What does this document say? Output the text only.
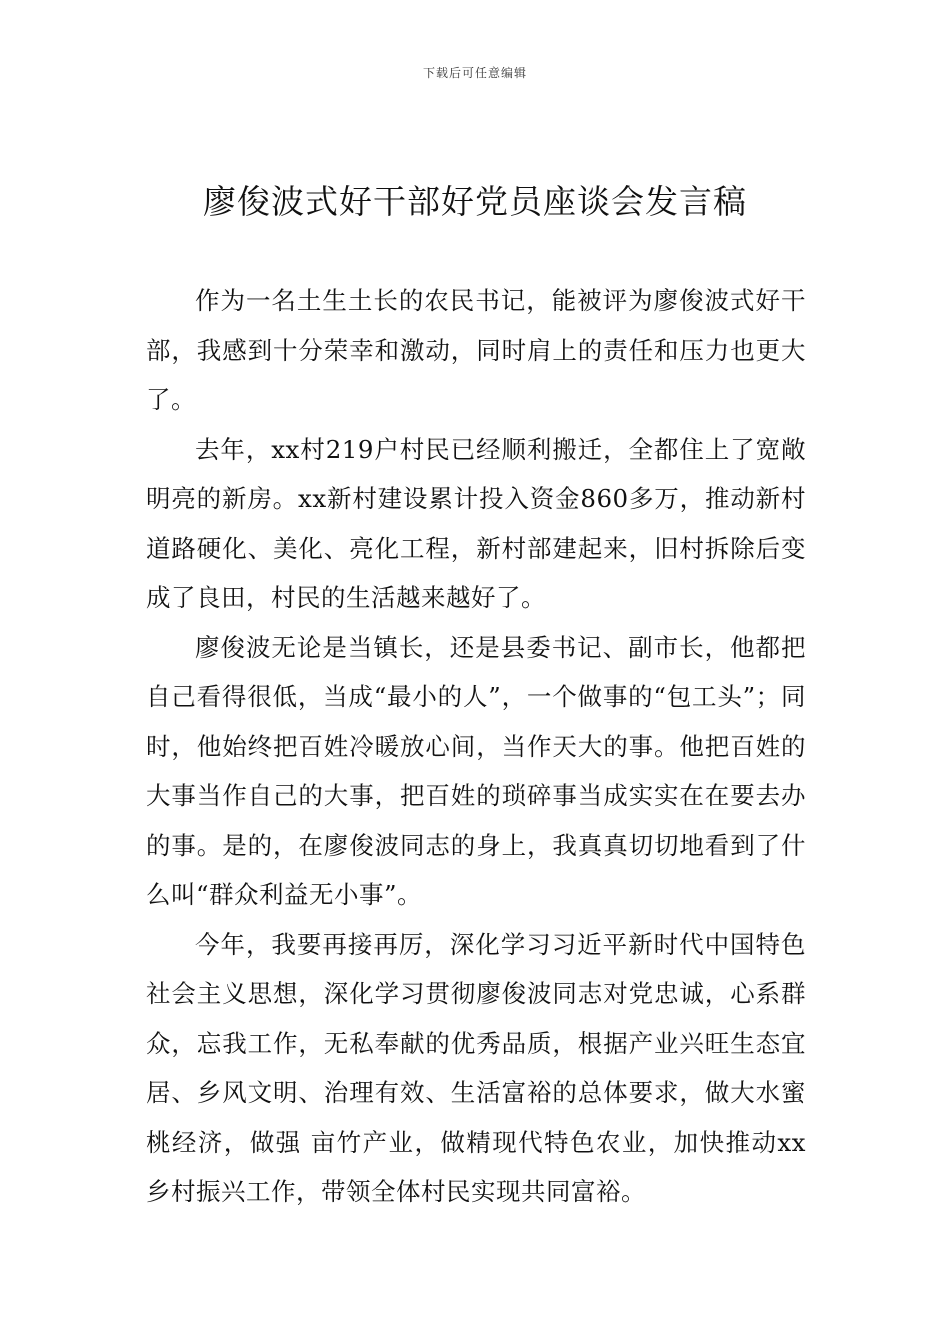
下载后可任意编辑
廖俊波式好干部好党员座谈会发言稿

作为一名土生土长的农民书记，能被评为廖俊波式好干部，我感到十分荣幸和激动，同时肩上的责任和压力也更大了。

去年，xx村219户村民已经顺利搬迁，全都住上了宽敞明亮的新房。xx新村建设累计投入资金860多万，推动新村道路硬化、美化、亮化工程，新村部建起来，旧村拆除后变成了良田，村民的生活越来越好了。

廖俊波无论是当镇长，还是县委书记、副市长，他都把自己看得很低，当成“最小的人”，一个做事的“包工头”；同时，他始终把百姓冷暖放心间，当作天大的事。他把百姓的大事当作自己的大事，把百姓的琐碎事当成实实在在要去办的事。是的，在廖俊波同志的身上，我真真切切地看到了什么叫“群众利益无小事”。

今年，我要再接再厉，深化学习习近平新时代中国特色社会主义思想，深化学习贯彻廖俊波同志对党忠诚，心系群众，忘我工作，无私奉献的优秀品质，根据产业兴旺生态宜居、乡风文明、治理有效、生活富裕的总体要求，做大水蜜桃经济，做强 亩竹产业，做精现代特色农业，加快推动xx乡村振兴工作，带领全体村民实现共同富裕。
